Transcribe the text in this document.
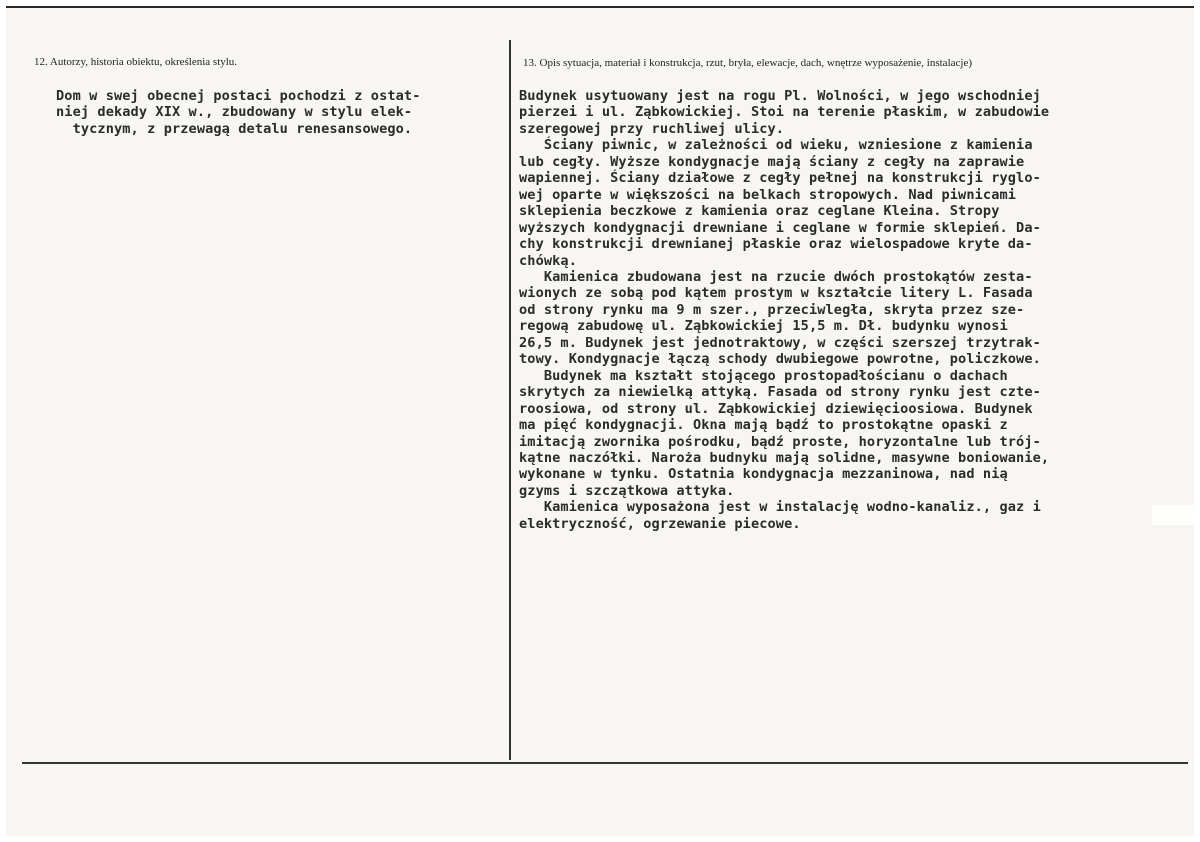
12. Autorzy, historia obiektu, określenia stylu.	13. Opis sytuacja, materiał i konstrukcja, rzut, bryła, elewacje, dach, wnętrze wyposażenie, instalacje)
Dom w swej obecnej postaci pochodzi z ostat-
niej dekady XIX w., zbudowany w stylu elek-
tycznym, z przewagą detalu renesansowego.
Budynek usytuowany jest na rogu Pl. Wolności, w jego wschodniej
pierzei i ul. Ząbkowickiej. Stoi na terenie płaskim, w zabudowie
szeregowej przy ruchliwej ulicy.
Ściany piwnic, w zależności od wieku, wzniesione z kamienia
lub cegły. Wyższe kondygnacje mają ściany z cegły na zaprawie
wapiennej. Ściany działowe z cegły pełnej na konstrukcji ryglo-
wej oparte w większości na belkach stropowych. Nad piwnicami
sklepienia beczkowe z kamienia oraz ceglane Kleina. Stropy
wyższych kondygnacji drewniane i ceglane w formie sklepień. Da-
chy konstrukcji drewnianej płaskie oraz wielospadowe kryte da-
chówką.
Kamienica zbudowana jest na rzucie dwóch prostokątów zesta-
wionych ze sobą pod kątem prostym w kształcie litery L. Fasada
od strony rynku ma 9 m szer., przeciwległa, skryta przez sze-
regową zabudowę ul. Ząbkowickiej 15,5 m. Dł. budynku wynosi
26,5 m. Budynek jest jednotraktowy, w części szerszej trzytrak-
towy. Kondygnacje łączą schody dwubiegowe powrotne, policzkowe.
Budynek ma kształt stojącego prostopadłościanu o dachach
skrytych za niewielką attyką. Fasada od strony rynku jest czte-
roosiowa, od strony ul. Ząbkowickiej dziewięcioosiowa. Budynek
ma pięć kondygnacji. Okna mają bądź to prostokątne opaski z
imitacją zwornika pośrodku, bądź proste, horyzontalne lub trój-
kątne naczółki. Naroża budnyku mają solidne, masywne boniowanie,
wykonane w tynku. Ostatnia kondygnacja mezzaninowa, nad nią
gzyms i szczątkowa attyka.
Kamienica wyposażona jest w instalację wodno-kanaliz., gaz i
elektryczność, ogrzewanie piecowe.
